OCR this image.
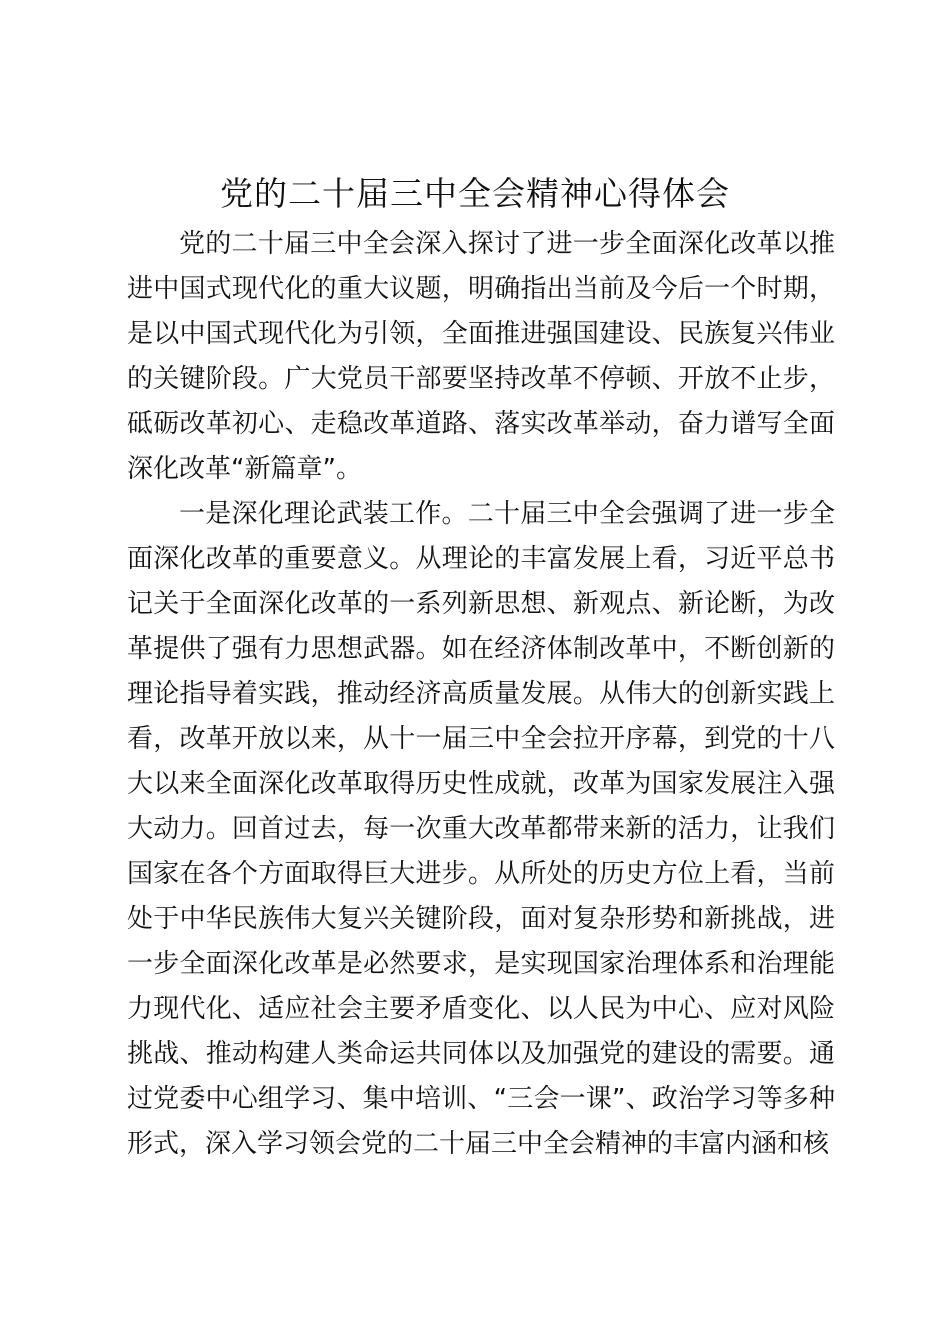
党的二十届三中全会精神心得体会

党的二十届三中全会深入探讨了进一步全面深化改革以推进中国式现代化的重大议题，明确指出当前及今后一个时期，是以中国式现代化为引领，全面推进强国建设、民族复兴伟业的关键阶段。广大党员干部要坚持改革不停顿、开放不止步，砥砺改革初心、走稳改革道路、落实改革举动，奋力谱写全面深化改革“新篇章”。

一是深化理论武装工作。二十届三中全会强调了进一步全面深化改革的重要意义。从理论的丰富发展上看，习近平总书记关于全面深化改革的一系列新思想、新观点、新论断，为改革提供了强有力思想武器。如在经济体制改革中，不断创新的理论指导着实践，推动经济高质量发展。从伟大的创新实践上看，改革开放以来，从十一届三中全会拉开序幕，到党的十八大以来全面深化改革取得历史性成就，改革为国家发展注入强大动力。回首过去，每一次重大改革都带来新的活力，让我们国家在各个方面取得巨大进步。从所处的历史方位上看，当前处于中华民族伟大复兴关键阶段，面对复杂形势和新挑战，进一步全面深化改革是必然要求，是实现国家治理体系和治理能力现代化、适应社会主要矛盾变化、以人民为中心、应对风险挑战、推动构建人类命运共同体以及加强党的建设的需要。通过党委中心组学习、集中培训、“三会一课”、政治学习等多种形式，深入学习领会党的二十届三中全会精神的丰富内涵和核
